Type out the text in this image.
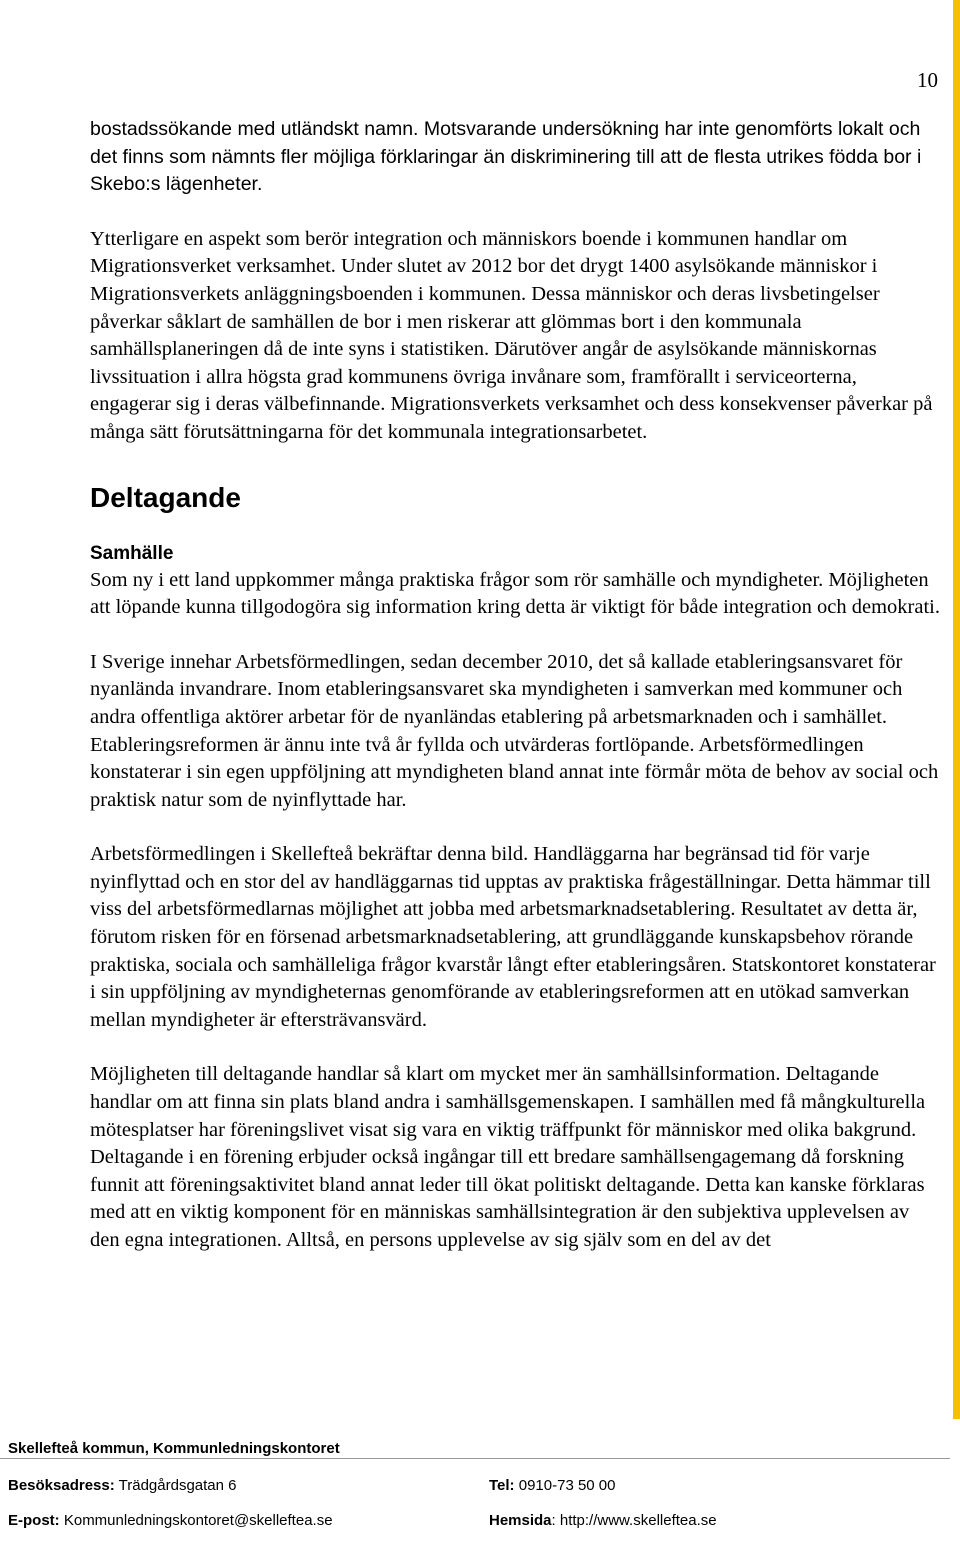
10

bostadssökande med utländskt namn. Motsvarande undersökning har inte genomförts lokalt och det finns som nämnts fler möjliga förklaringar än diskriminering till att de flesta utrikes födda bor i Skebo:s lägenheter.

Ytterligare en aspekt som berör integration och människors boende i kommunen handlar om Migrationsverket verksamhet. Under slutet av 2012 bor det drygt 1400 asylsökande människor i Migrationsverkets anläggningsboenden i kommunen. Dessa människor och deras livsbetingelser påverkar såklart de samhällen de bor i men riskerar att glömmas bort i den kommunala samhällsplaneringen då de inte syns i statistiken. Därutöver angår de asylsökande människornas livssituation i allra högsta grad kommunens övriga invånare som, framförallt i serviceorterna, engagerar sig i deras välbefinnande. Migrationsverkets verksamhet och dess konsekvenser påverkar på många sätt förutsättningarna för det kommunala integrationsarbetet.

Deltagande
Samhälle

Som ny i ett land uppkommer många praktiska frågor som rör samhälle och myndigheter. Möjligheten att löpande kunna tillgodogöra sig information kring detta är viktigt för både integration och demokrati.

I Sverige innehar Arbetsförmedlingen, sedan december 2010, det så kallade etableringsansvaret för nyanlända invandrare. Inom etableringsansvaret ska myndigheten i samverkan med kommuner och andra offentliga aktörer arbetar för de nyanländas etablering på arbetsmarknaden och i samhället. Etableringsreformen är ännu inte två år fyllda och utvärderas fortlöpande. Arbetsförmedlingen konstaterar i sin egen uppföljning att myndigheten bland annat inte förmår möta de behov av social och praktisk natur som de nyinflyttade har.

Arbetsförmedlingen i Skellefteå bekräftar denna bild. Handläggarna har begränsad tid för varje nyinflyttad och en stor del av handläggarnas tid upptas av praktiska frågeställningar. Detta hämmar till viss del arbetsförmedlarnas möjlighet att jobba med arbetsmarknadsetablering. Resultatet av detta är, förutom risken för en försenad arbetsmarknadsetablering, att grundläggande kunskapsbehov rörande praktiska, sociala och samhälleliga frågor kvarstår långt efter etableringsåren. Statskontoret konstaterar i sin uppföljning av myndigheternas genomförande av etableringsreformen att en utökad samverkan mellan myndigheter är eftersträvansvärd.

Möjligheten till deltagande handlar så klart om mycket mer än samhällsinformation. Deltagande handlar om att finna sin plats bland andra i samhällsgemenskapen. I samhällen med få mångkulturella mötesplatser har föreningslivet visat sig vara en viktig träffpunkt för människor med olika bakgrund. Deltagande i en förening erbjuder också ingångar till ett bredare samhällsengagemang då forskning funnit att föreningsaktivitet bland annat leder till ökat politiskt deltagande. Detta kan kanske förklaras med att en viktig komponent för en människas samhällsintegration är den subjektiva upplevelsen av den egna integrationen. Alltså, en persons upplevelse av sig själv som en del av det

Skellefteå kommun, Kommunledningskontoret
Besöksadress: Trädgårdsgatan 6	Tel: 0910-73 50 00
E-post: Kommunledningskontoret@skelleftea.se	Hemsida: http://www.skelleftea.se
